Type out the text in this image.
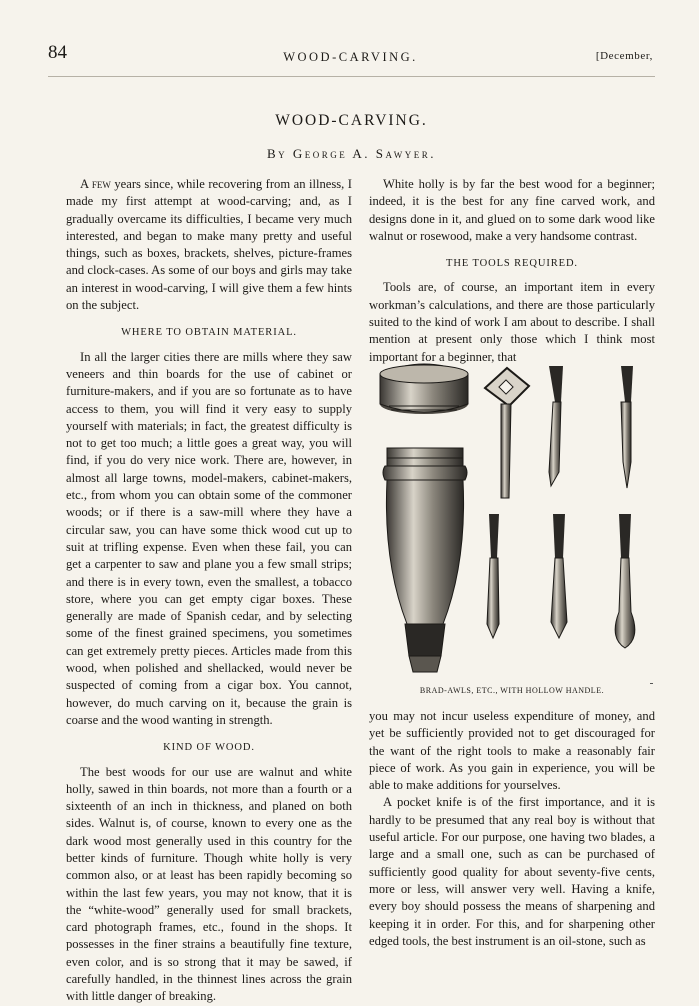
84	WOOD-CARVING.	[December,
WOOD-CARVING.

By George A. Sawyer.

A few years since, while recovering from an illness, I made my first attempt at wood-carving; and, as I gradually overcame its difficulties, I became very much interested, and began to make many pretty and useful things, such as boxes, brackets, shelves, picture-frames and clock-cases. As some of our boys and girls may take an interest in wood-carving, I will give them a few hints on the subject.

WHERE TO OBTAIN MATERIAL.

In all the larger cities there are mills where they saw veneers and thin boards for the use of cabinet or furniture-makers, and if you are so fortunate as to have access to them, you will find it very easy to supply yourself with materials; in fact, the greatest difficulty is not to get too much; a little goes a great way, you will find, if you do very nice work. There are, however, in almost all large towns, model-makers, cabinet-makers, etc., from whom you can obtain some of the commoner woods; or if there is a saw-mill where they have a circular saw, you can have some thick wood cut up to suit at trifling expense. Even when these fail, you can get a carpenter to saw and plane you a few small strips; and there is in every town, even the smallest, a tobacco store, where you can get empty cigar boxes. These generally are made of Spanish cedar, and by selecting some of the finest grained specimens, you sometimes can get extremely pretty pieces. Articles made from this wood, when polished and shellacked, would never be suspected of coming from a cigar box. You cannot, however, do much carving on it, because the grain is coarse and the wood wanting in strength.

KIND OF WOOD.

The best woods for our use are walnut and white holly, sawed in thin boards, not more than a fourth or a sixteenth of an inch in thickness, and planed on both sides. Walnut is, of course, known to every one as the dark wood most generally used in this country for the better kinds of furniture. Though white holly is very common also, or at least has been rapidly becoming so within the last few years, you may not know, that it is the “white-wood” generally used for small brackets, card photograph frames, etc., found in the shops. It possesses in the finer strains a beautifully fine texture, even color, and is so strong that it may be sawed, if carefully handled, in the thinnest lines across the grain with little danger of breaking.

White holly is by far the best wood for a beginner; indeed, it is the best for any fine carved work, and designs done in it, and glued on to some dark wood like walnut or rosewood, make a very handsome contrast.

THE TOOLS REQUIRED.

Tools are, of course, an important item in every workman’s calculations, and there are those particularly suited to the kind of work I am about to describe. I shall mention at present only those which I think most important for a beginner, that

BRAD-AWLS, ETC., WITH HOLLOW HANDLE.

you may not incur useless expenditure of money, and yet be sufficiently provided not to get discouraged for the want of the right tools to make a reasonably fair piece of work. As you gain in experience, you will be able to make additions for yourselves.

A pocket knife is of the first importance, and it is hardly to be presumed that any real boy is without that useful article. For our purpose, one having two blades, a large and a small one, such as can be purchased of sufficiently good quality for about seventy-five cents, more or less, will answer very well. Having a knife, every boy should possess the means of sharpening and keeping it in order. For this, and for sharpening other edged tools, the best instrument is an oil-stone, such as
